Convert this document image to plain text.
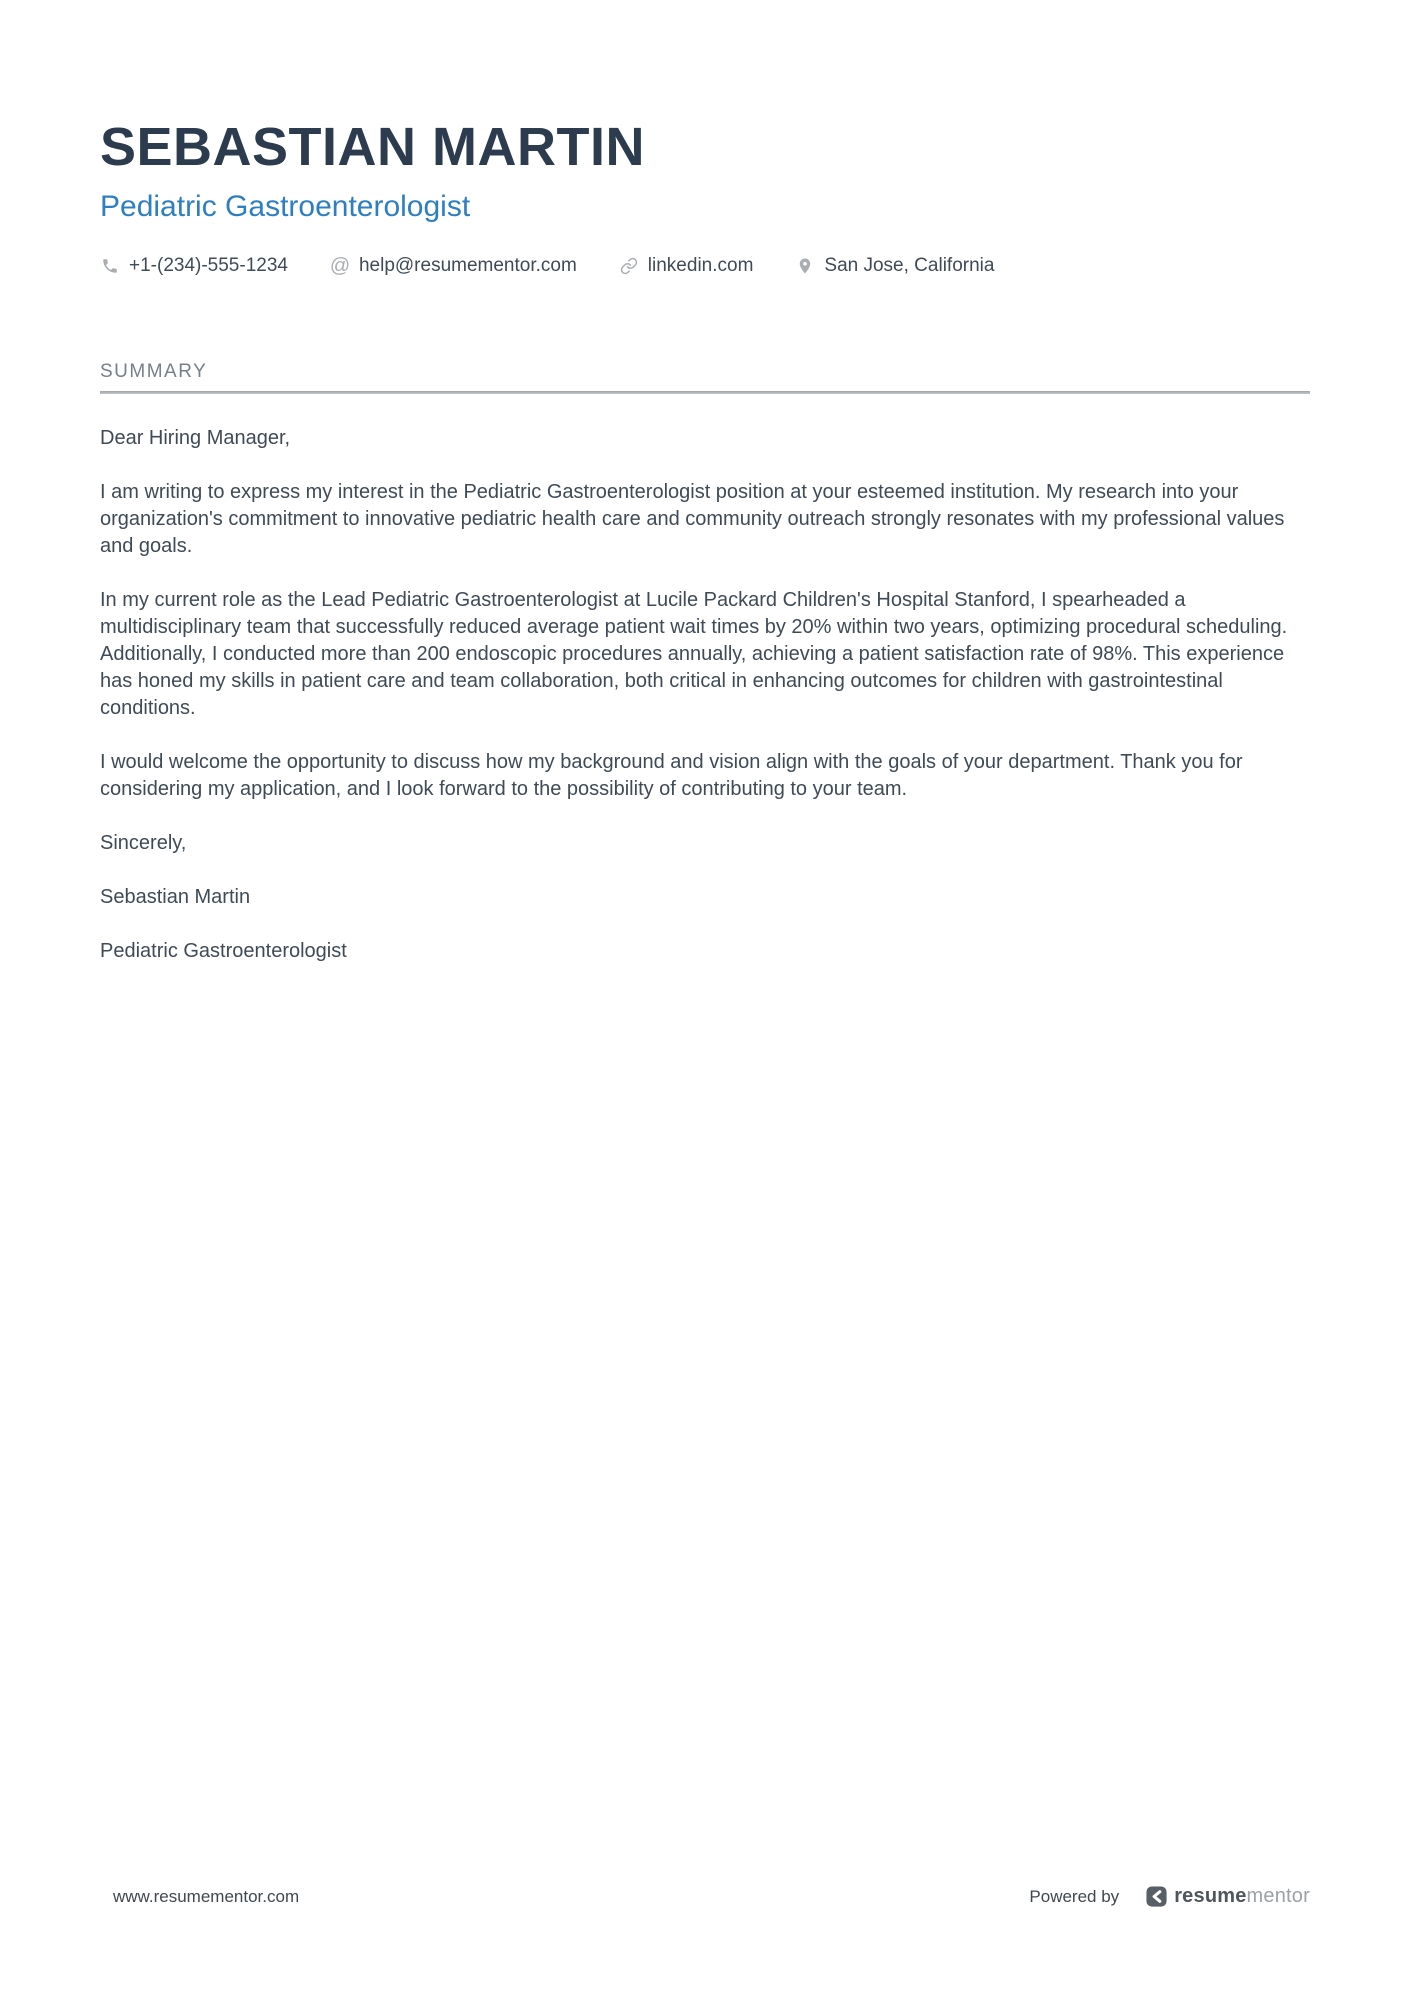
SEBASTIAN MARTIN
Pediatric Gastroenterologist
+1-(234)-555-1234 @ help@resumementor.com	linkedin.com	San Jose, California
SUMMARY

Dear Hiring Manager,

I am writing to express my interest in the Pediatric Gastroenterologist position at your esteemed institution. My research into your organization's commitment to innovative pediatric health care and community outreach strongly resonates with my professional values and goals.

In my current role as the Lead Pediatric Gastroenterologist at Lucile Packard Children's Hospital Stanford, I spearheaded a multidisciplinary team that successfully reduced average patient wait times by 20% within two years, optimizing procedural scheduling. Additionally, I conducted more than 200 endoscopic procedures annually, achieving a patient satisfaction rate of 98%. This experience has honed my skills in patient care and team collaboration, both critical in enhancing outcomes for children with gastrointestinal conditions.

I would welcome the opportunity to discuss how my background and vision align with the goals of your department. Thank you for considering my application, and I look forward to the possibility of contributing to your team.

Sincerely,

Sebastian Martin

Pediatric Gastroenterologist

www.resumementor.com	Powered by	resumementor
